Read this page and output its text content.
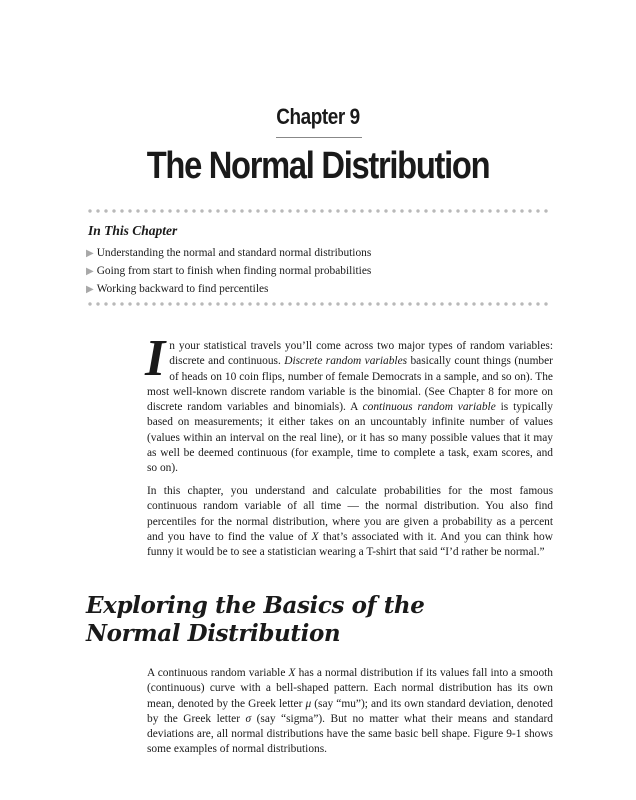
Chapter 9
The Normal Distribution
In This Chapter
▶ Understanding the normal and standard normal distributions
▶ Going from start to finish when finding normal probabilities
▶ Working backward to find percentiles

In your statistical travels you’ll come across two major types of random variables: discrete and continuous. Discrete random variables basically count things (number of heads on 10 coin flips, number of female Democrats in a sample, and so on). The most well-known discrete random variable is the binomial. (See Chapter 8 for more on discrete random variables and binomials). A continuous random variable is typically based on measurements; it either takes on an uncountably infinite number of values (values within an interval on the real line), or it has so many possible values that it may as well be deemed continuous (for example, time to complete a task, exam scores, and so on).

In this chapter, you understand and calculate probabilities for the most famous continuous random variable of all time — the normal distribution. You also find percentiles for the normal distribution, where you are given a probability as a percent and you have to find the value of X that’s associated with it. And you can think how funny it would be to see a statistician wearing a T-shirt that said “I’d rather be normal.”

Exploring the Basics of the
Normal Distribution

A continuous random variable X has a normal distribution if its values fall into a smooth (continuous) curve with a bell-shaped pattern. Each normal distribution has its own mean, denoted by the Greek letter μ (say “mu”); and its own standard deviation, denoted by the Greek letter σ (say “sigma”). But no matter what their means and standard deviations are, all normal distributions have the same basic bell shape. Figure 9-1 shows some examples of normal distributions.
